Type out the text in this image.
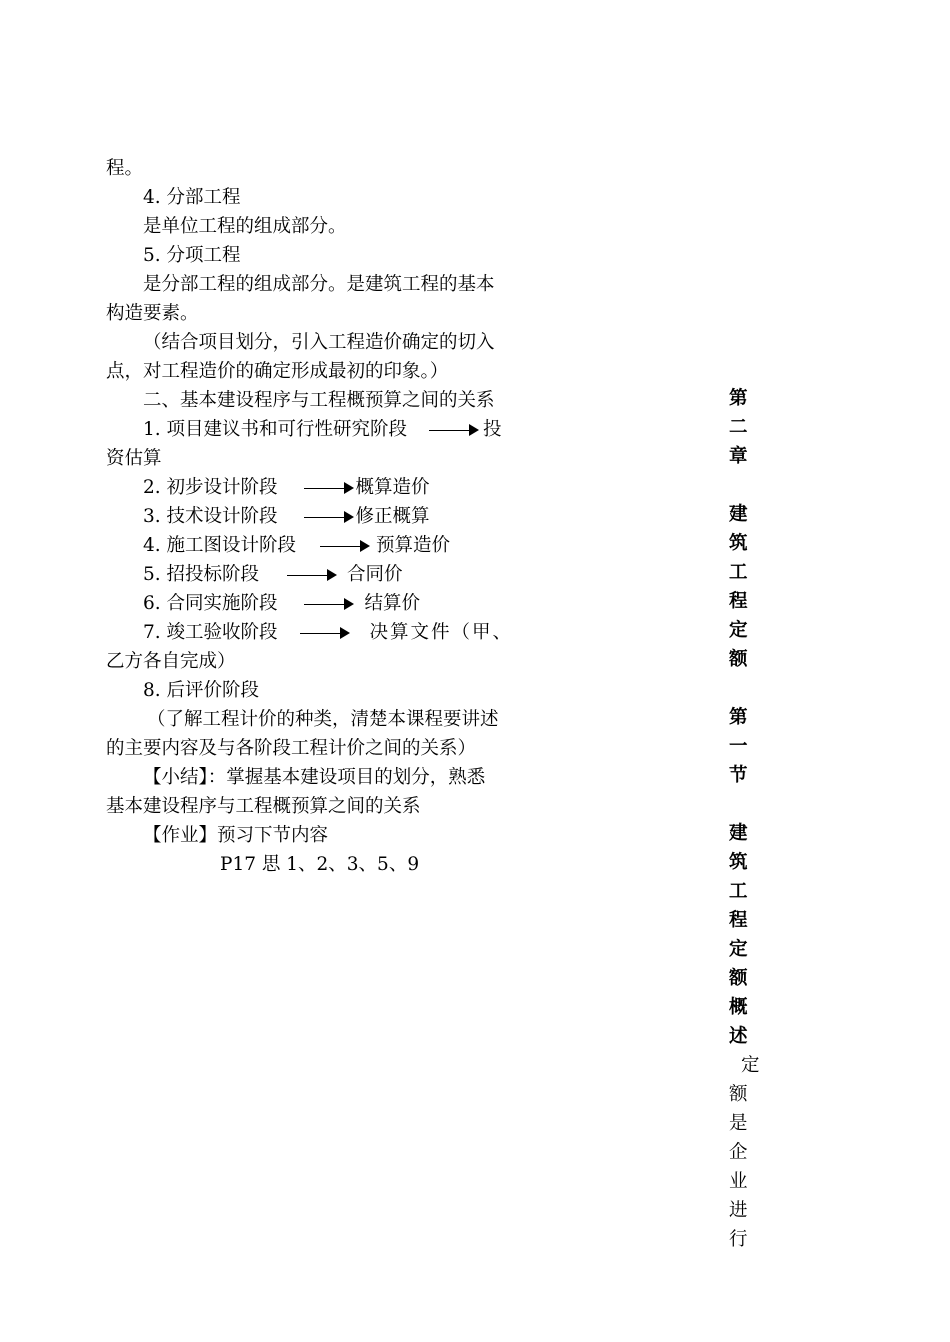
程。
4. 分部工程
是单位工程的组成部分。
5. 分项工程
是分部工程的组成部分。是建筑工程的基本
构造要素。
（结合项目划分，引入工程造价确定的切入
点，对工程造价的确定形成最初的印象。）
二、基本建设程序与工程概预算之间的关系
1. 项目建议书和可行性研究阶段	投
资估算
2. 初步设计阶段	概算造价
3. 技术设计阶段	修正概算
4. 施工图设计阶段	预算造价
5. 招投标阶段	合同价
6. 合同实施阶段	结算价
7. 竣工验收阶段	决算文件（甲、
乙方各自完成）
8. 后评价阶段
（了解工程计价的种类，清楚本课程要讲述
的主要内容及与各阶段工程计价之间的关系）
【小结】：掌握基本建设项目的划分，熟悉
基本建设程序与工程概预算之间的关系
【作业】预习下节内容
P17 思 1、2、3、5、9
第
二
章
建
筑
工
程
定
额
第
一
节
建
筑
工
程
定
额
概
述
定
额
是
企
业
进
行
